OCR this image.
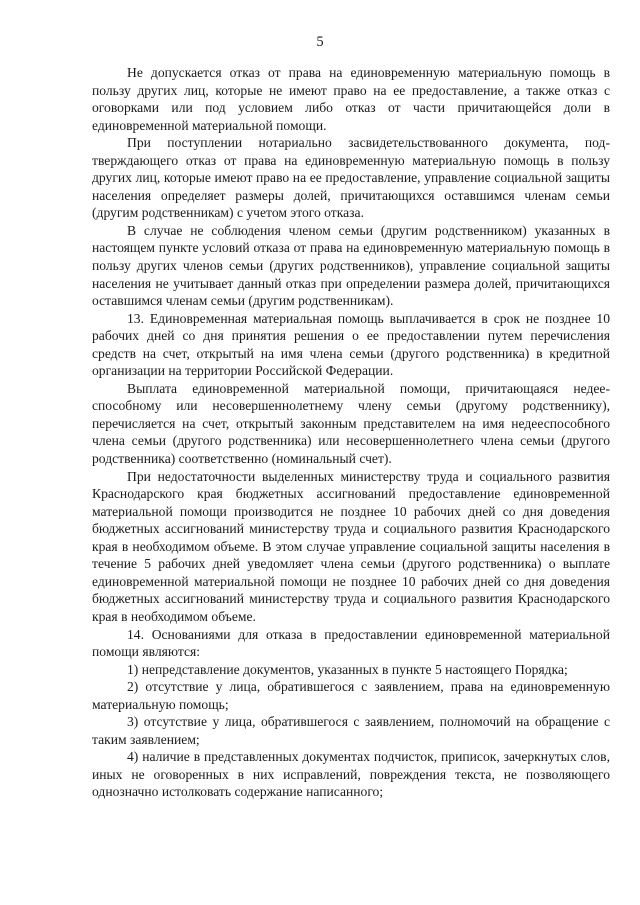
5

Не допускается отказ от права на единовременную материальную помощь в пользу других лиц, которые не имеют право на ее предоставление, а также отказ с оговорками или под условием либо отказ от части причитающейся доли в единовременной материальной помощи.

При поступлении нотариально засвидетельствованного документа, подтверждающего отказ от права на единовременную материальную помощь в пользу других лиц, которые имеют право на ее предоставление, управление социальной защиты населения определяет размеры долей, причитающихся оставшимся членам семьи (другим родственникам) с учетом этого отказа.

В случае не соблюдения членом семьи (другим родственником) указанных в настоящем пункте условий отказа от права на единовременную материальную помощь в пользу других членов семьи (других родственников), управление социальной защиты населения не учитывает данный отказ при определении размера долей, причитающихся оставшимся членам семьи (другим родственникам).

13. Единовременная материальная помощь выплачивается в срок не позднее 10 рабочих дней со дня принятия решения о ее предоставлении путем перечисления средств на счет, открытый на имя члена семьи (другого родственника) в кредитной организации на территории Российской Федерации.

Выплата единовременной материальной помощи, причитающаяся недееспособному или несовершеннолетнему члену семьи (другому родственнику), перечисляется на счет, открытый законным представителем на имя недееспособного члена семьи (другого родственника) или несовершеннолетнего члена семьи (другого родственника) соответственно (номинальный счет).

При недостаточности выделенных министерству труда и социального развития Краснодарского края бюджетных ассигнований предоставление единовременной материальной помощи производится не позднее 10 рабочих дней со дня доведения бюджетных ассигнований министерству труда и социального развития Краснодарского края в необходимом объеме. В этом случае управление социальной защиты населения в течение 5 рабочих дней уведомляет члена семьи (другого родственника) о выплате единовременной материальной помощи не позднее 10 рабочих дней со дня доведения бюджетных ассигнований министерству труда и социального развития Краснодарского края в необходимом объеме.

14. Основаниями для отказа в предоставлении единовременной материальной помощи являются:

1) непредставление документов, указанных в пункте 5 настоящего Порядка;

2) отсутствие у лица, обратившегося с заявлением, права на единовременную материальную помощь;

3) отсутствие у лица, обратившегося с заявлением, полномочий на обращение с таким заявлением;

4) наличие в представленных документах подчисток, приписок, зачеркнутых слов, иных не оговоренных в них исправлений, повреждения текста, не позволяющего однозначно истолковать содержание написанного;
